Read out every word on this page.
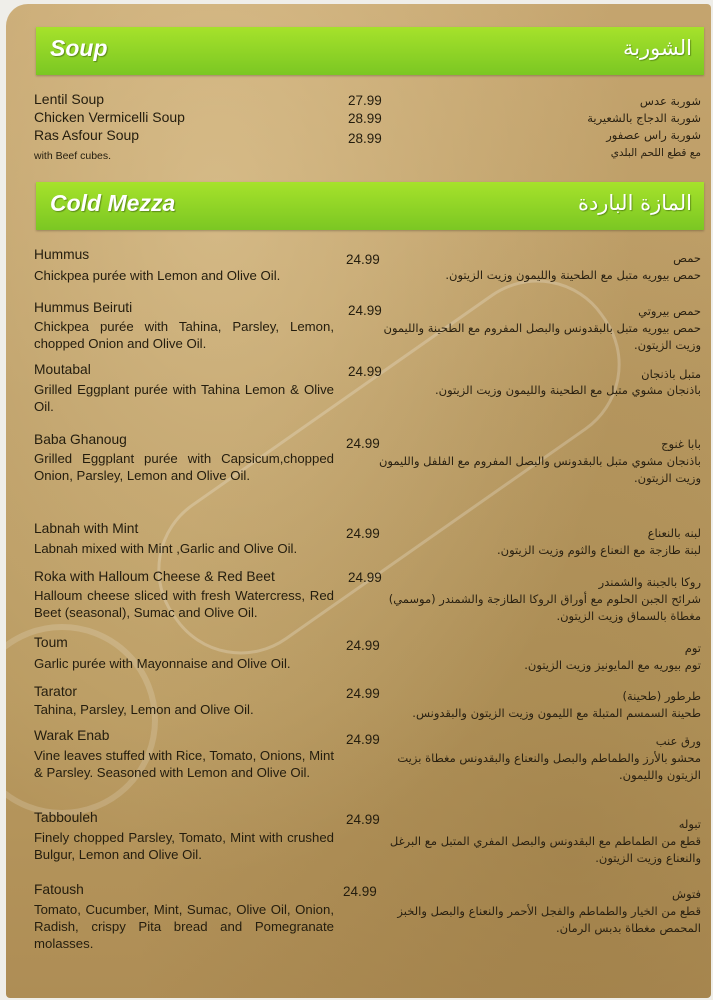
Soup	الشوربة
Lentil Soup	27.99	شوربة عدس
Chicken Vermicelli Soup	28.99	شوربة الدجاج بالشعيرية
Ras Asfour Soup	28.99	شوربة راس عصفور
with Beef cubes.	مع قطع اللحم البلدي
Cold Mezza	المازة الباردة
Hummus
Chickpea purée with Lemon and Olive Oil.
24.99	حمص
حمص بيوريه متبل مع الطحينة والليمون وزيت الزيتون.
Hummus Beiruti
Chickpea purée with Tahina, Parsley, Lemon, chopped Onion and Olive Oil.
24.99	حمص بيروتي
حمص بيوريه متبل بالبقدونس والبصل المفروم مع الطحينة والليمون وزيت الزيتون.
Moutabal
Grilled Eggplant purée with Tahina Lemon & Olive Oil.
24.99	متبل باذنجان
باذنجان مشوي متبل مع الطحينة والليمون وزيت الزيتون.
Baba Ghanoug
Grilled Eggplant purée with Capsicum,chopped Onion, Parsley, Lemon and Olive Oil.
24.99	بابا غنوج
باذنجان مشوي متبل بالبقدونس والبصل المفروم مع الفلفل والليمون وزيت الزيتون.
Labnah with Mint
Labnah mixed with Mint ,Garlic and Olive Oil.
24.99	لبنه بالنعناع
لبنة طازجة مع النعناع والثوم وزيت الزيتون.
Roka with Halloum Cheese & Red Beet
Halloum cheese sliced with fresh Watercress, Red Beet (seasonal), Sumac and Olive Oil.
24.99	روكا بالجبنة والشمندر
شرائح الجبن الحلوم مع أوراق الروكا الطازجة والشمندر (موسمي) مغطاة بالسماق وزيت الزيتون.
Toum
Garlic purée with Mayonnaise and Olive Oil.
24.99	توم
توم بيوريه مع المايونيز وزيت الزيتون.
Tarator
Tahina, Parsley, Lemon and Olive Oil.
24.99	طرطور (طحينة)
طحينة السمسم المتبلة مع الليمون وزيت الزيتون والبقدونس.
Warak Enab
Vine leaves stuffed with Rice, Tomato, Onions, Mint & Parsley. Seasoned with Lemon and Olive Oil.
24.99	ورق عنب
محشو بالأرز والطماطم والبصل والنعناع والبقدونس مغطاة بزيت الزيتون والليمون.
Tabbouleh
Finely chopped Parsley, Tomato, Mint with crushed Bulgur, Lemon and Olive Oil.
24.99	تبوله
قطع من الطماطم مع البقدونس والبصل المفري المتبل مع البرغل والنعناع وزيت الزيتون.
Fatoush
Tomato, Cucumber, Mint, Sumac, Olive Oil, Onion, Radish, crispy Pita bread and Pomegranate molasses.
24.99	فتوش
قطع من الخيار والطماطم والفجل الأحمر والنعناع والبصل والخبز المحمص مغطاة بدبس الرمان.
